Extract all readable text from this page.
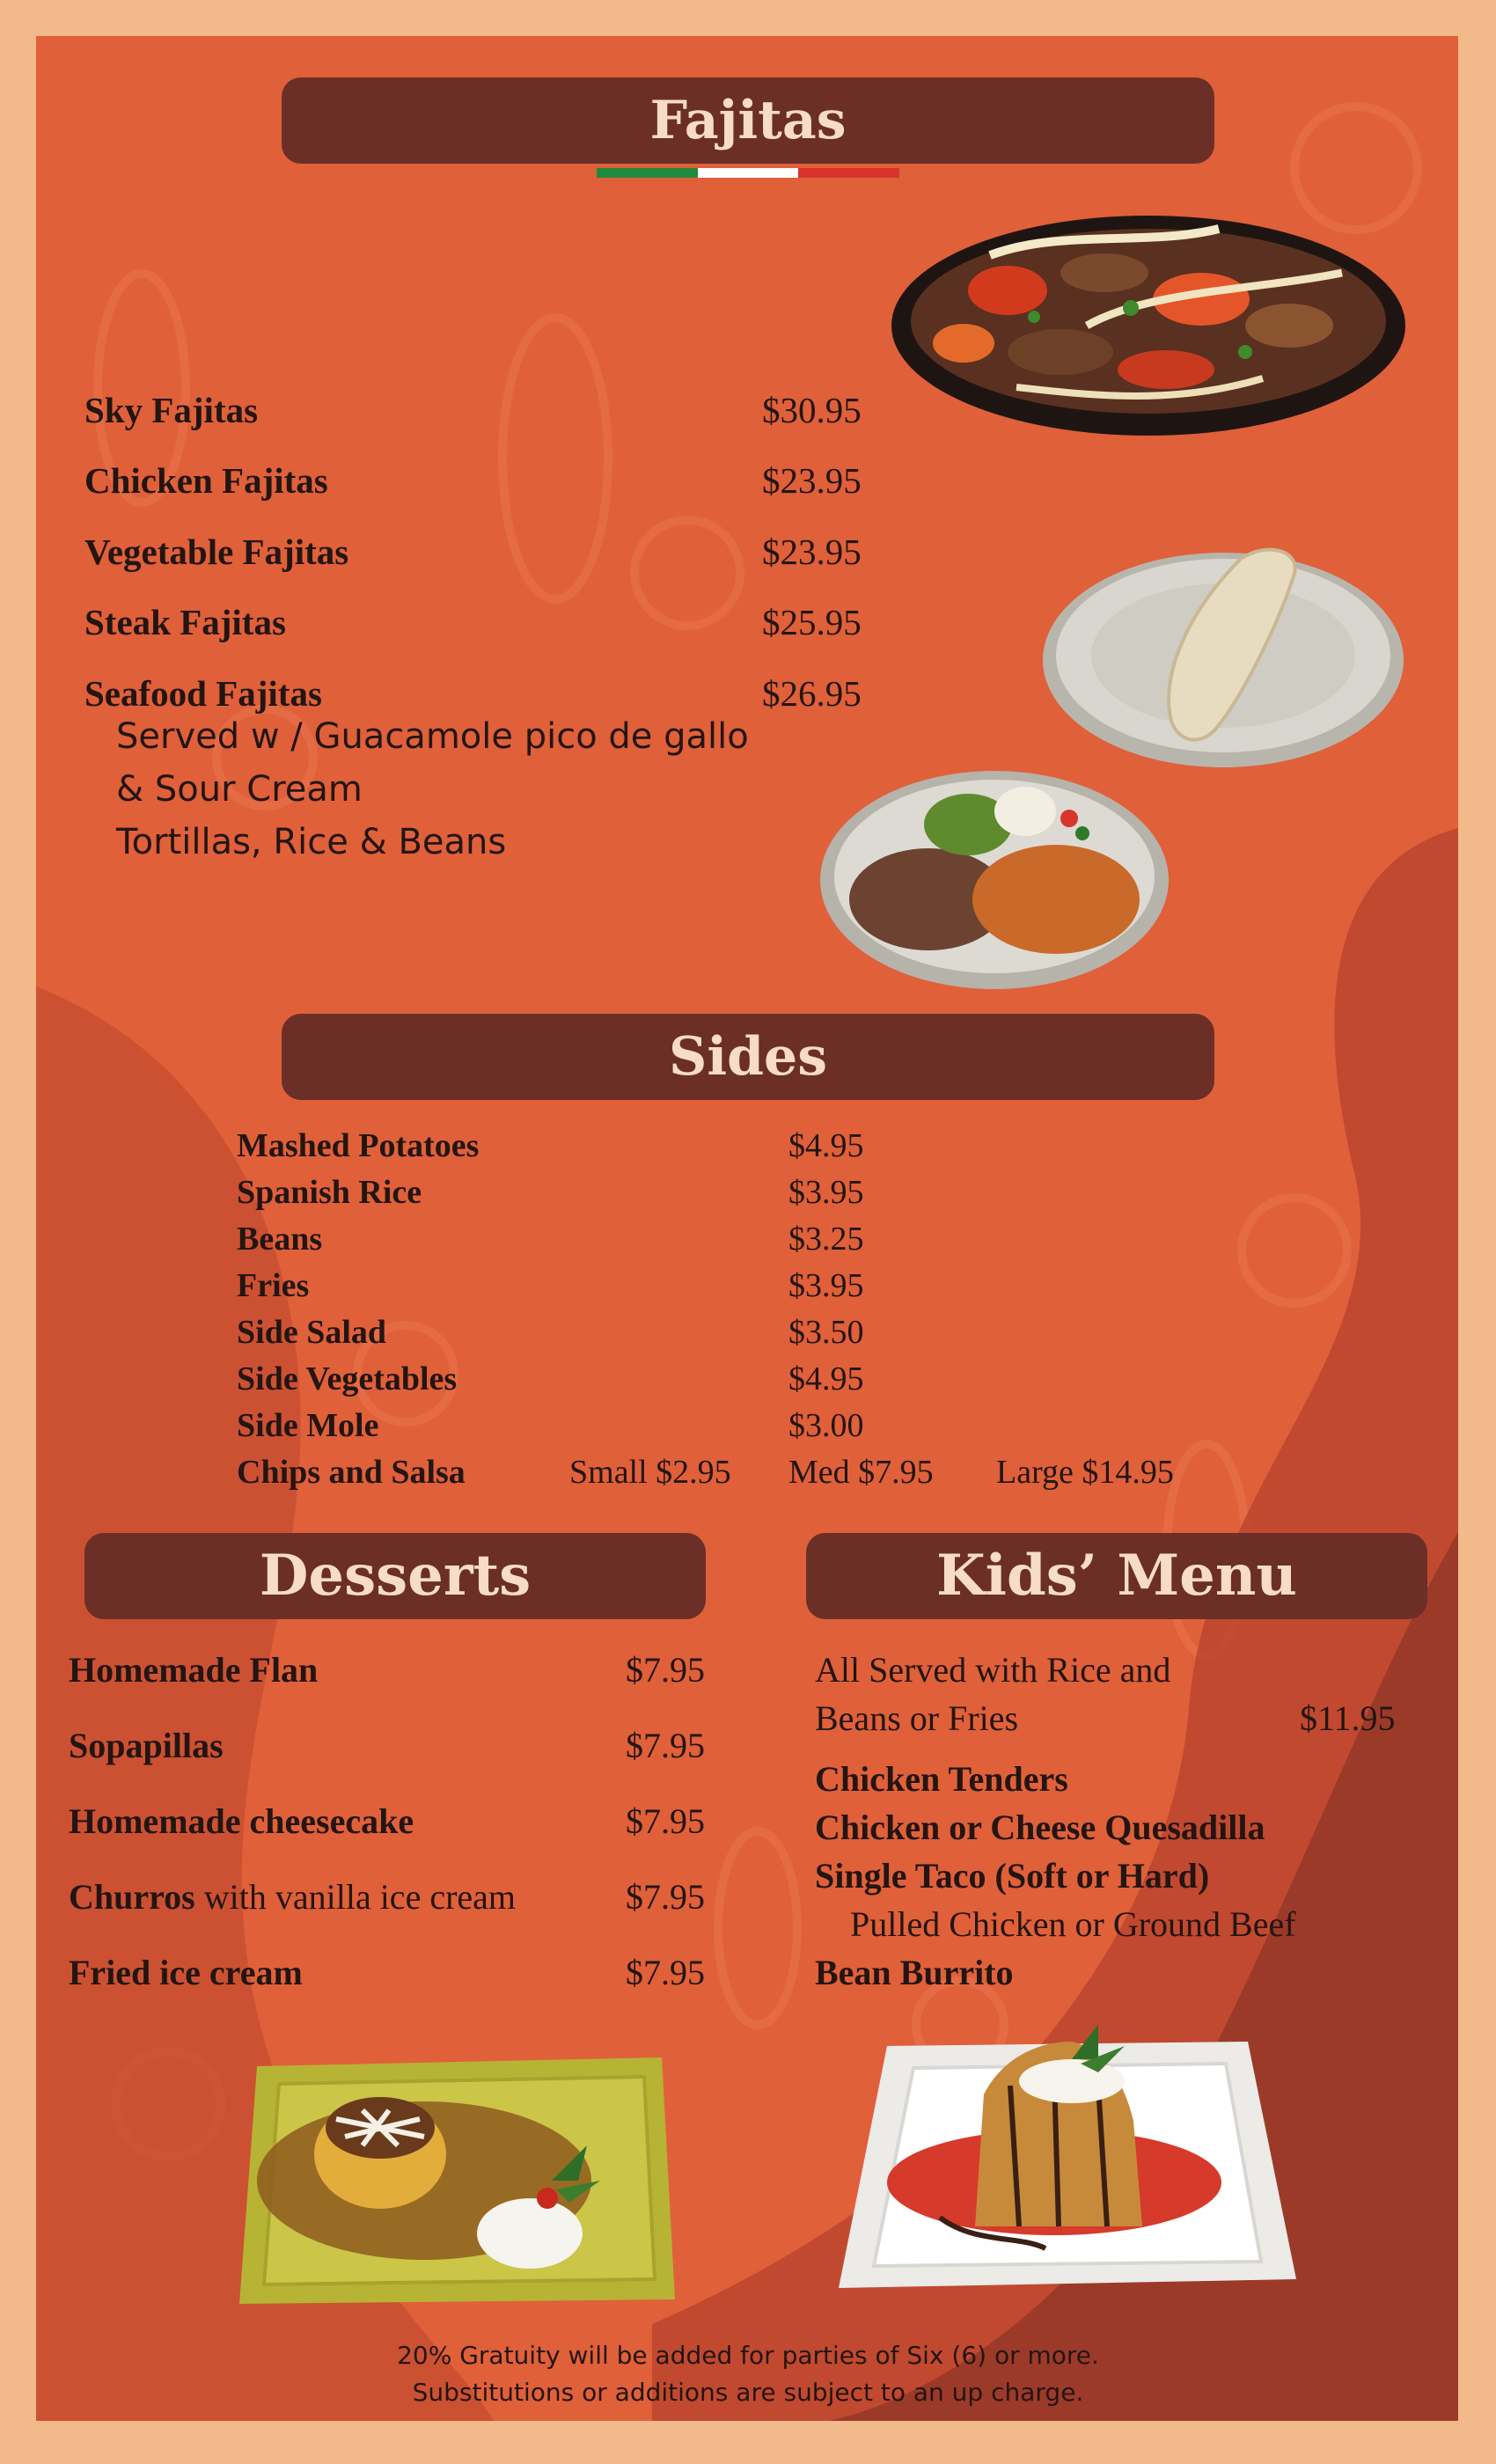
Fajitas
Sky Fajitas	$30.95
Chicken Fajitas	$23.95
Vegetable Fajitas	$23.95
Steak Fajitas	$25.95
Seafood Fajitas	$26.95
Served w / Guacamole pico de gallo
& Sour Cream
Tortillas, Rice & Beans
Sides
Mashed Potatoes	$4.95
Spanish Rice	$3.95
Beans	$3.25
Fries	$3.95
Side Salad	$3.50
Side Vegetables	$4.95
Side Mole	$3.00
Chips and Salsa	Small $2.95 Med $7.95 Large $14.95
Desserts
Homemade Flan	$7.95
Sopapillas	$7.95
Homemade cheesecake	$7.95
Churros with vanilla ice cream	$7.95
Fried ice cream	$7.95
Kids’ Menu
All Served with Rice and
Beans or Fries	$11.95
Chicken Tenders
Chicken or Cheese Quesadilla
Single Taco (Soft or Hard)
Pulled Chicken or Ground Beef
Bean Burrito
20% Gratuity will be added for parties of Six (6) or more.
Substitutions or additions are subject to an up charge.
